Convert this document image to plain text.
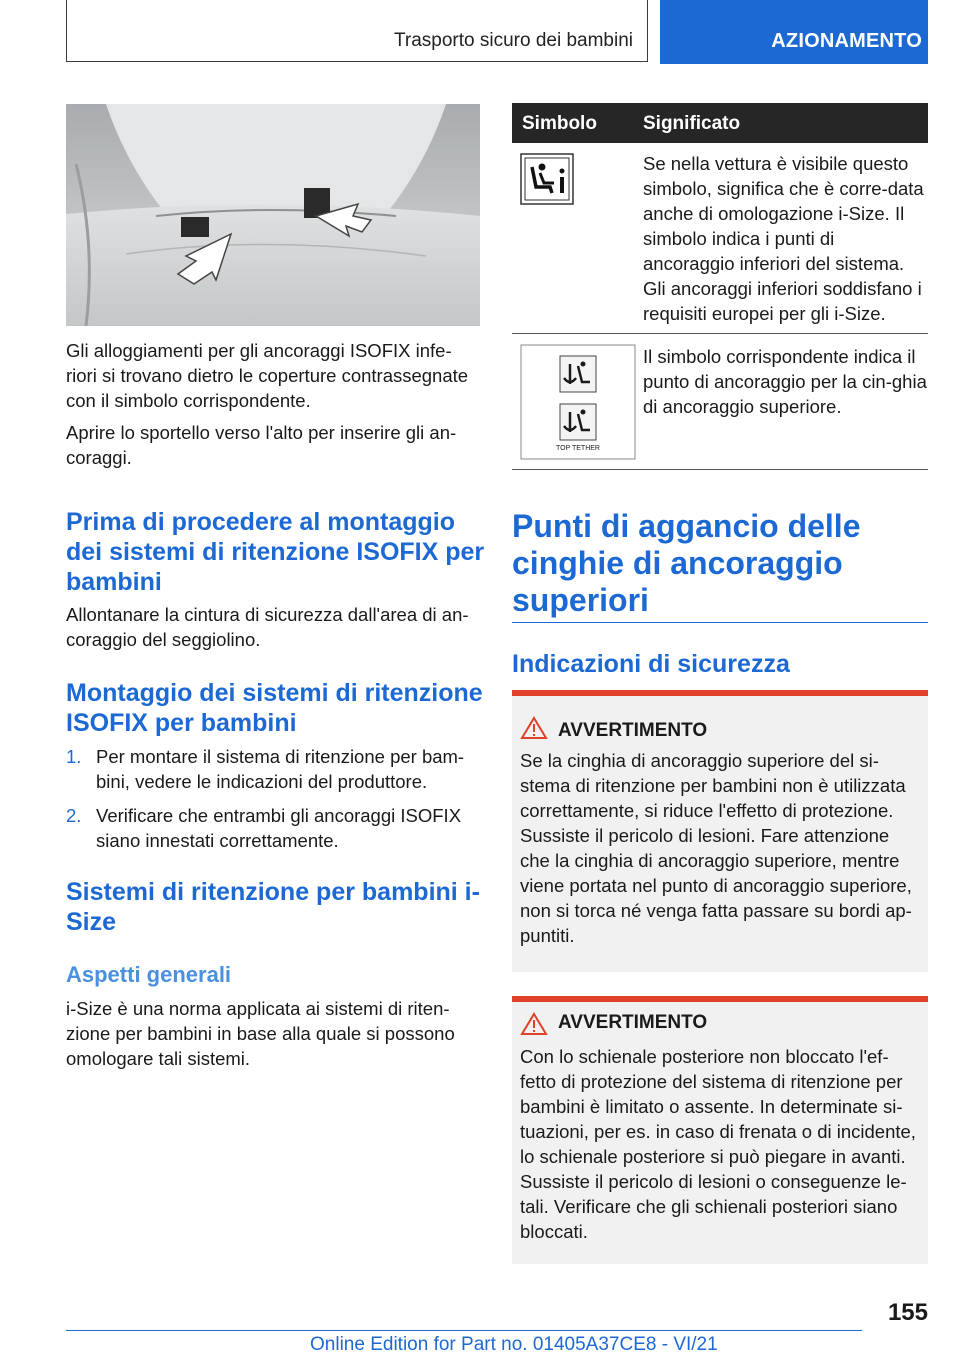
Trasporto sicuro dei bambini	AZIONAMENTO

Gli alloggiamenti per gli ancoraggi ISOFIX infe-riori si trovano dietro le coperture contrassegnate con il simbolo corrispondente.

Aprire lo sportello verso l'alto per inserire gli an-coraggi.

Prima di procedere al montaggio dei sistemi di ritenzione ISOFIX per bambini

Allontanare la cintura di sicurezza dall'area di an-coraggio del seggiolino.

Montaggio dei sistemi di ritenzione ISOFIX per bambini
1. Per montare il sistema di ritenzione per bam-bini, vedere le indicazioni del produttore.
2. Verificare che entrambi gli ancoraggi ISOFIX siano innestati correttamente.
Sistemi di ritenzione per bambini i-Size
Aspetti generali

i-Size è una norma applicata ai sistemi di riten-zione per bambini in base alla quale si possono omologare tali sistemi.

Simbolo Significato
Se nella vettura è visibile questo simbolo, significa che è corre-data anche di omologazione i-Size. Il simbolo indica i punti di ancoraggio inferiori del sistema. Gli ancoraggi inferiori soddisfano i requisiti europei per gli i-Size.
TOP TETHER
Il simbolo corrispondente indica il punto di ancoraggio per la cin-ghia di ancoraggio superiore.
Punti di aggancio delle cinghie di ancoraggio superiori
Indicazioni di sicurezza
AVVERTIMENTO
Se la cinghia di ancoraggio superiore del si-stema di ritenzione per bambini non è utilizzata correttamente, si riduce l'effetto di protezione. Sussiste il pericolo di lesioni. Fare attenzione che la cinghia di ancoraggio superiore, mentre viene portata nel punto di ancoraggio superiore, non si torca né venga fatta passare su bordi ap-puntiti.
AVVERTIMENTO
Con lo schienale posteriore non bloccato l'ef-fetto di protezione del sistema di ritenzione per bambini è limitato o assente. In determinate si-tuazioni, per es. in caso di frenata o di incidente, lo schienale posteriore si può piegare in avanti. Sussiste il pericolo di lesioni o conseguenze le-tali. Verificare che gli schienali posteriori siano bloccati.
155
Online Edition for Part no. 01405A37CE8 - VI/21
